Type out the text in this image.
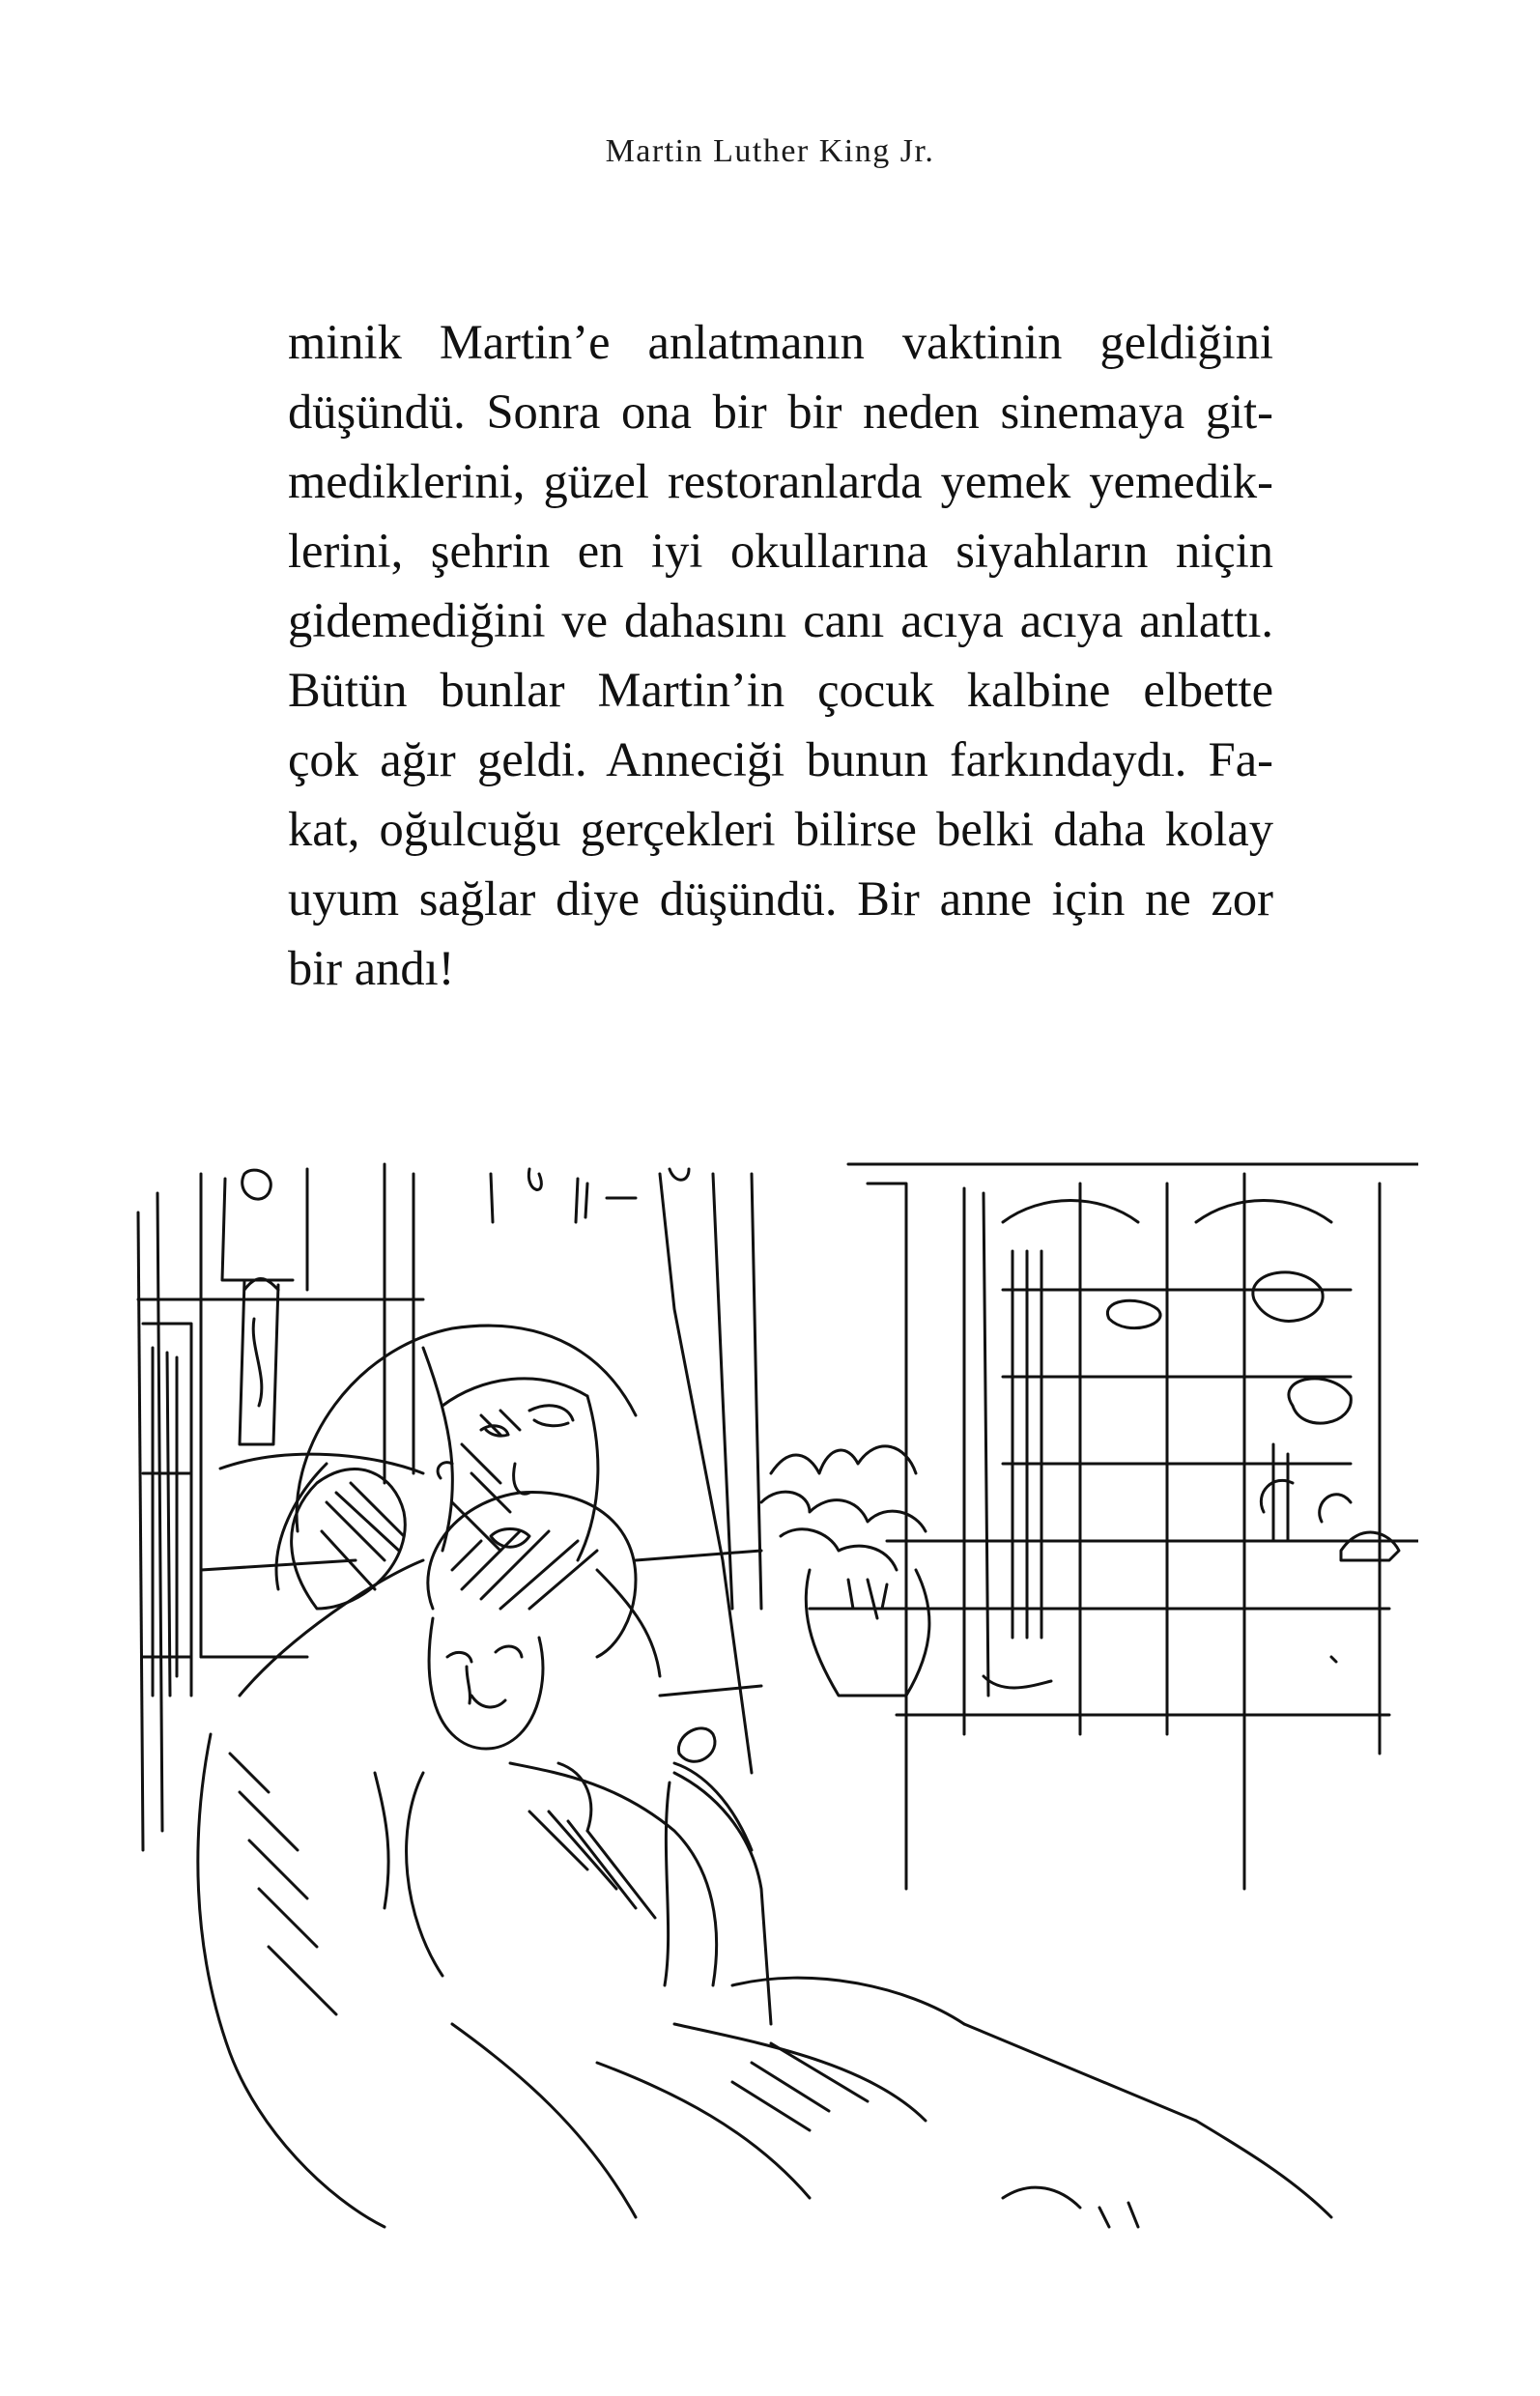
Martin Luther King Jr.
minik Martin’e anlatmanın vaktinin geldiğini
düşündü. Sonra ona bir bir neden sinemaya git-
mediklerini, güzel restoranlarda yemek yemedik-
lerini, şehrin en iyi okullarına siyahların niçin
gidemediğini ve dahasını canı acıya acıya anlattı.
Bütün bunlar Martin’in çocuk kalbine elbette
çok ağır geldi. Anneciği bunun farkındaydı. Fa-
kat, oğulcuğu gerçekleri bilirse belki daha kolay
uyum sağlar diye düşündü. Bir anne için ne zor
bir andı!
